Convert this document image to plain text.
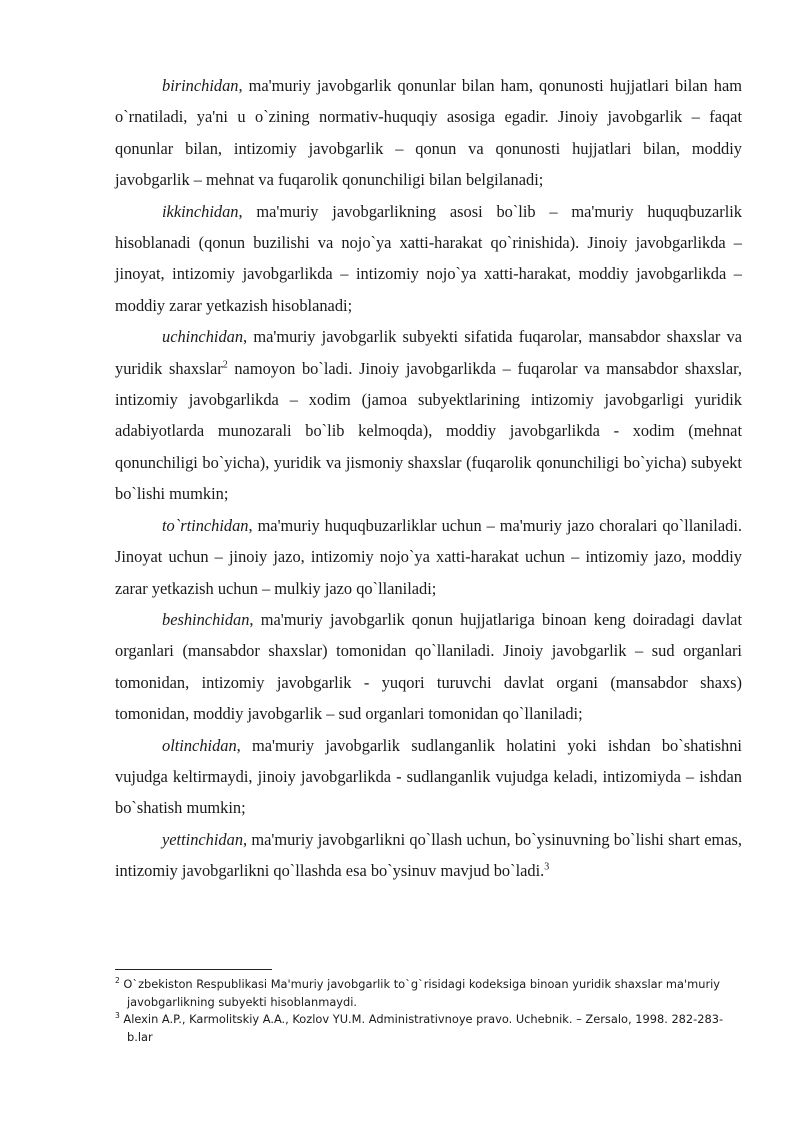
birinchidan, ma'muriy javobgarlik qonunlar bilan ham, qonunosti hujjatlari bilan ham o`rnatiladi, ya'ni u o`zining normativ-huquqiy asosiga egadir. Jinoiy javobgarlik – faqat qonunlar bilan, intizomiy javobgarlik – qonun va qonunosti hujjatlari bilan, moddiy javobgarlik – mehnat va fuqarolik qonunchiligi bilan belgilanadi;

ikkinchidan, ma'muriy javobgarlikning asosi bo`lib – ma'muriy huquqbuzarlik hisoblanadi (qonun buzilishi va nojo`ya xatti-harakat qo`rinishida). Jinoiy javobgarlikda – jinoyat, intizomiy javobgarlikda – intizomiy nojo`ya xatti-harakat, moddiy javobgarlikda – moddiy zarar yetkazish hisoblanadi;

uchinchidan, ma'muriy javobgarlik subyekti sifatida fuqarolar, mansabdor shaxslar va yuridik shaxslar$^2$ namoyon bo`ladi. Jinoiy javobgarlikda – fuqarolar va mansabdor shaxslar, intizomiy javobgarlikda – xodim (jamoa subyektlarining intizomiy javobgarligi yuridik adabiyotlarda munozarali bo`lib kelmoqda), moddiy javobgarlikda - xodim (mehnat qonunchiligi bo`yicha), yuridik va jismoniy shaxslar (fuqarolik qonunchiligi bo`yicha) subyekt bo`lishi mumkin;

to`rtinchidan, ma'muriy huquqbuzarliklar uchun – ma'muriy jazo choralari qo`llaniladi. Jinoyat uchun – jinoiy jazo, intizomiy nojo`ya xatti-harakat uchun – intizomiy jazo, moddiy zarar yetkazish uchun – mulkiy jazo qo`llaniladi;

beshinchidan, ma'muriy javobgarlik qonun hujjatlariga binoan keng doiradagi davlat organlari (mansabdor shaxslar) tomonidan qo`llaniladi. Jinoiy javobgarlik – sud organlari tomonidan, intizomiy javobgarlik - yuqori turuvchi davlat organi (mansabdor shaxs) tomonidan, moddiy javobgarlik – sud organlari tomonidan qo`llaniladi;

oltinchidan, ma'muriy javobgarlik sudlanganlik holatini yoki ishdan bo`shatishni vujudga keltirmaydi, jinoiy javobgarlikda - sudlanganlik vujudga keladi, intizomiyda – ishdan bo`shatish mumkin;

yettinchidan, ma'muriy javobgarlikni qo`llash uchun, bo`ysinuvning bo`lishi shart emas, intizomiy javobgarlikni qo`llashda esa bo`ysinuv mavjud bo`ladi.$^3$

$^2$ O`zbekiston Respublikasi Ma'muriy javobgarlik to`g`risidagi kodeksiga binoan yuridik shaxslar ma'muriy javobgarlikning subyekti hisoblanmaydi.

$^3$ Alexin A.P., Karmolitskiy A.A., Kozlov YU.M. Administrativnoye pravo. Uchebnik. – Zersalo, 1998. 282-283-b.lar
